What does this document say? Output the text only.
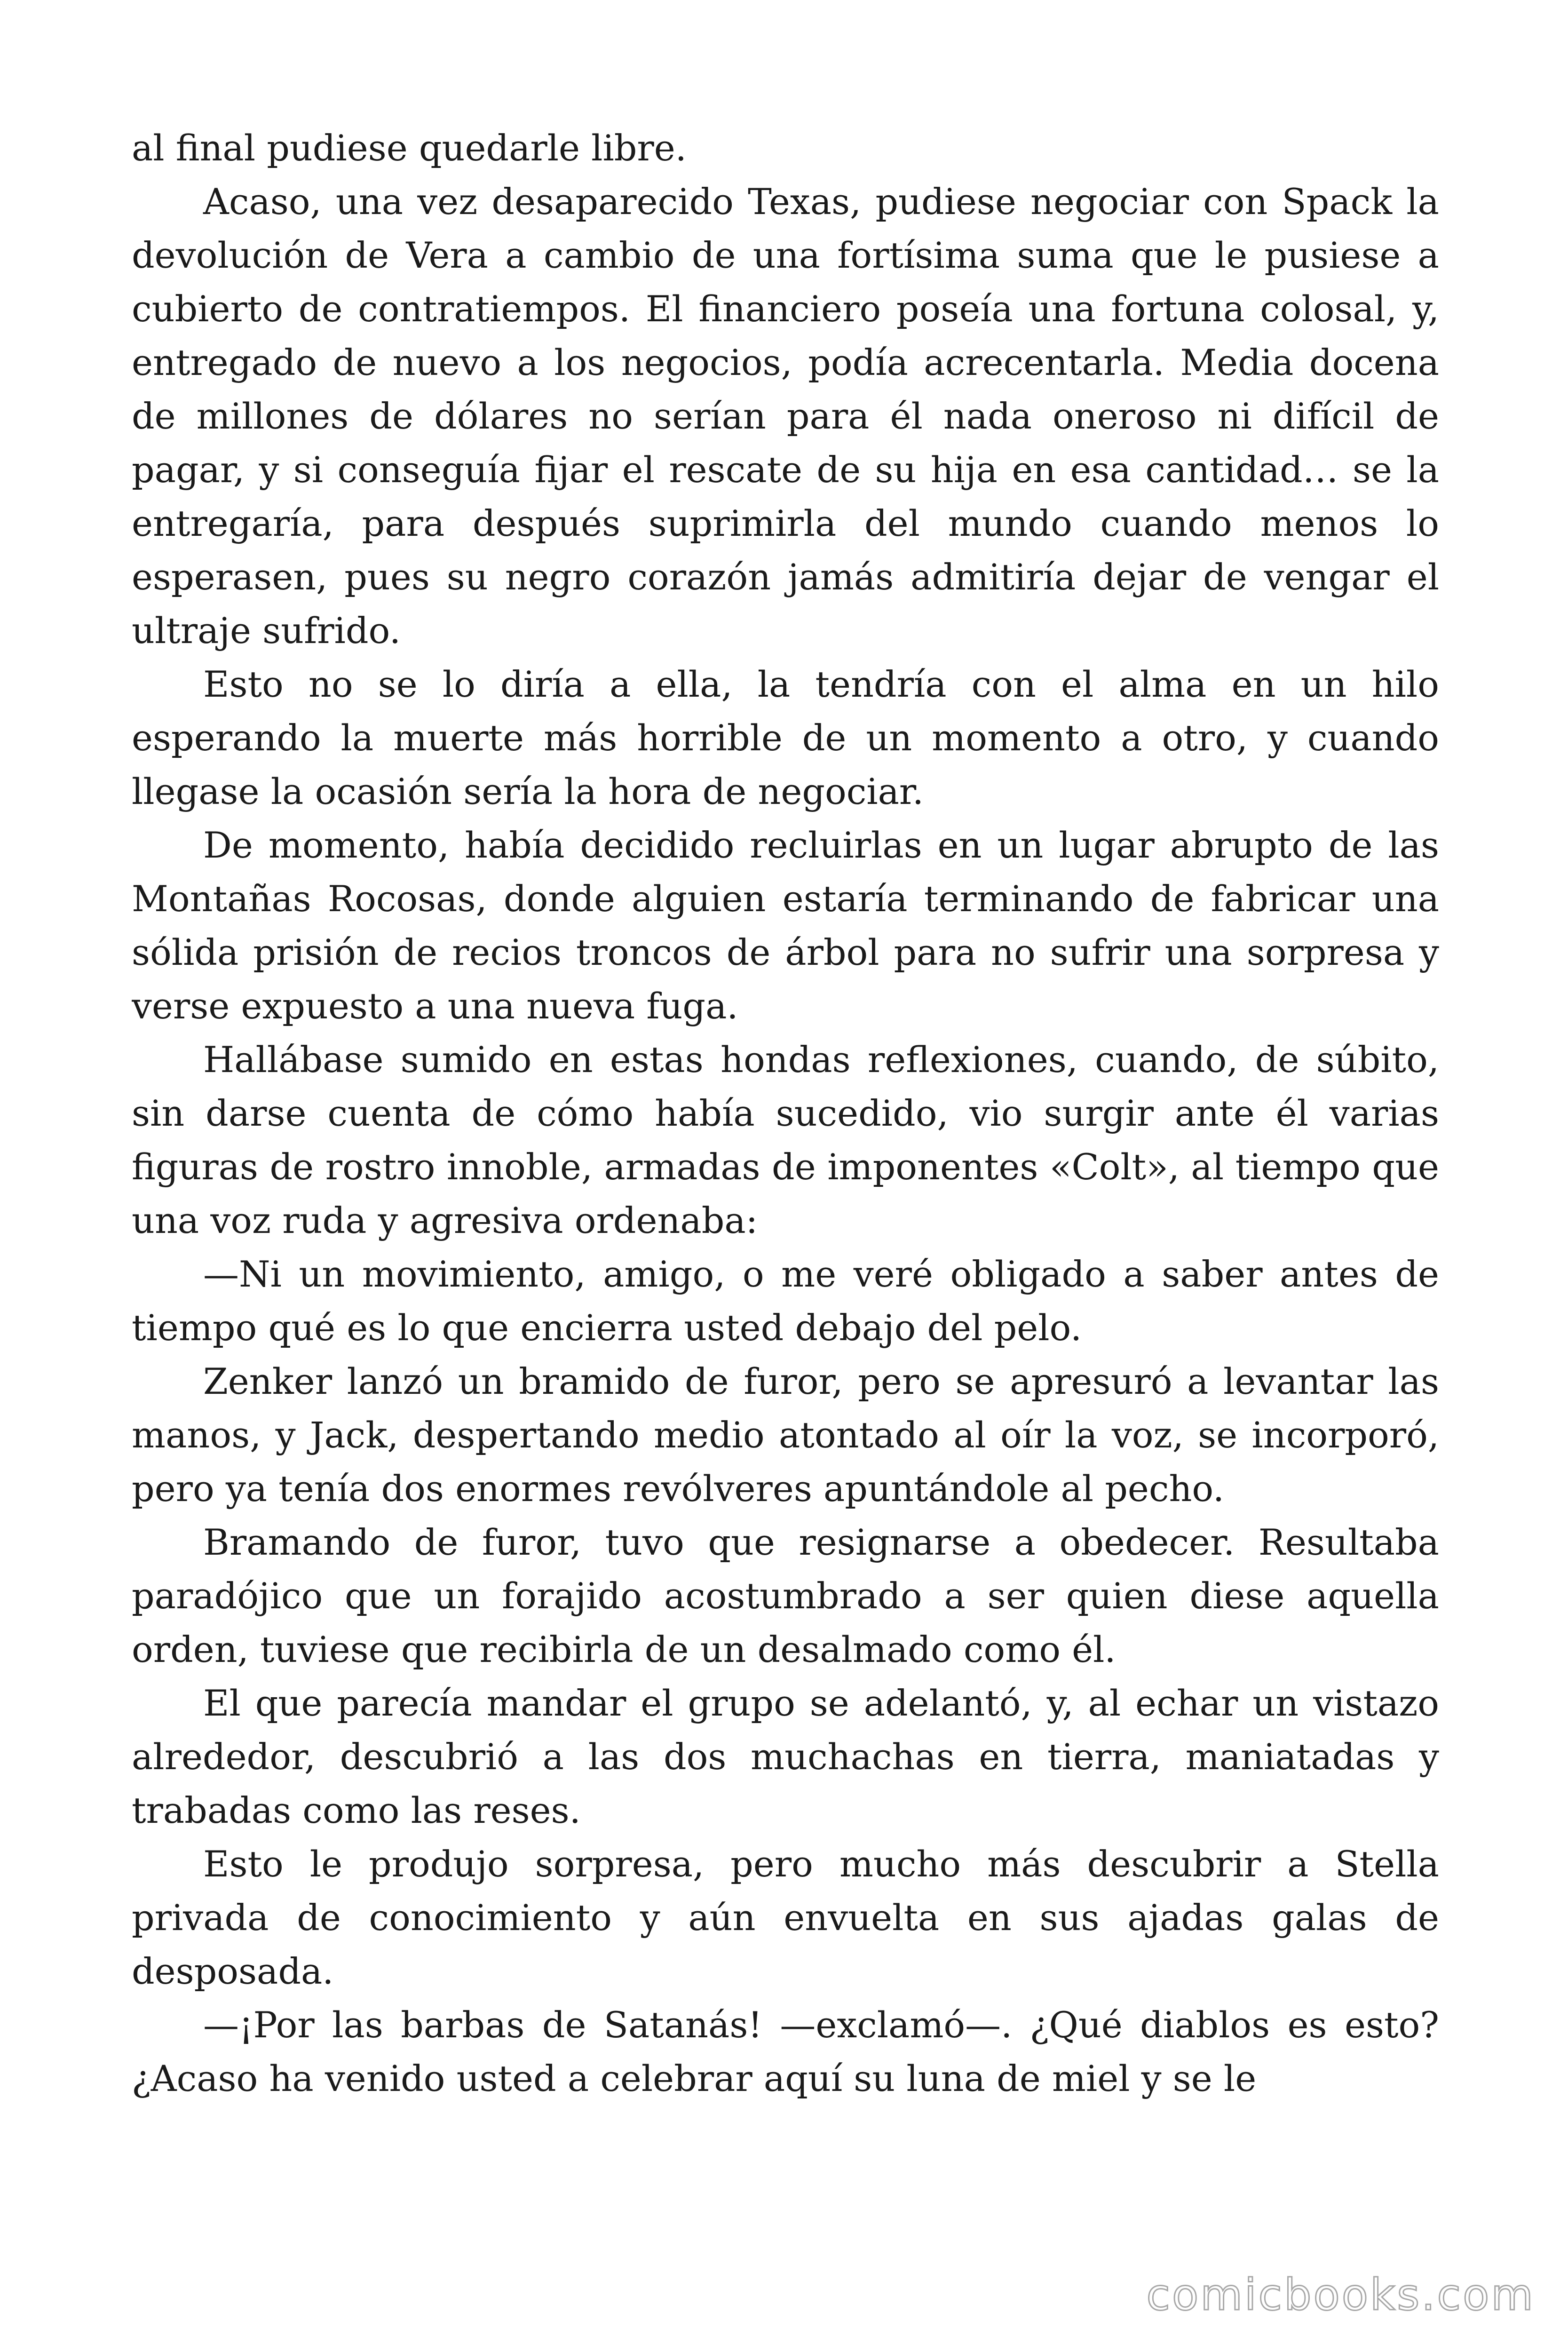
al final pudiese quedarle libre.

Acaso, una vez desaparecido Texas, pudiese negociar con Spack la devolución de Vera a cambio de una fortísima suma que le pusiese a cubierto de contratiempos. El financiero poseía una fortuna colosal, y, entregado de nuevo a los negocios, podía acrecentarla. Media docena de millones de dólares no serían para él nada oneroso ni difícil de pagar, y si conseguía fijar el rescate de su hija en esa cantidad… se la entregaría, para después suprimirla del mundo cuando menos lo esperasen, pues su negro corazón jamás admitiría dejar de vengar el ultraje sufrido.

Esto no se lo diría a ella, la tendría con el alma en un hilo esperando la muerte más horrible de un momento a otro, y cuando llegase la ocasión sería la hora de negociar.

De momento, había decidido recluirlas en un lugar abrupto de las Montañas Rocosas, donde alguien estaría terminando de fabricar una sólida prisión de recios troncos de árbol para no sufrir una sorpresa y verse expuesto a una nueva fuga.

Hallábase sumido en estas hondas reflexiones, cuando, de súbito, sin darse cuenta de cómo había sucedido, vio surgir ante él varias figuras de rostro innoble, armadas de imponentes «Colt», al tiempo que una voz ruda y agresiva ordenaba:

—Ni un movimiento, amigo, o me veré obligado a saber antes de tiempo qué es lo que encierra usted debajo del pelo.

Zenker lanzó un bramido de furor, pero se apresuró a levantar las manos, y Jack, despertando medio atontado al oír la voz, se incorporó, pero ya tenía dos enormes revólveres apuntándole al pecho.

Bramando de furor, tuvo que resignarse a obedecer. Resultaba paradójico que un forajido acostumbrado a ser quien diese aquella orden, tuviese que recibirla de un desalmado como él.

El que parecía mandar el grupo se adelantó, y, al echar un vistazo alrededor, descubrió a las dos muchachas en tierra, maniatadas y trabadas como las reses.

Esto le produjo sorpresa, pero mucho más descubrir a Stella privada de conocimiento y aún envuelta en sus ajadas galas de desposada.

—¡Por las barbas de Satanás! —exclamó—. ¿Qué diablos es esto? ¿Acaso ha venido usted a celebrar aquí su luna de miel y se le

comicbooks.com
